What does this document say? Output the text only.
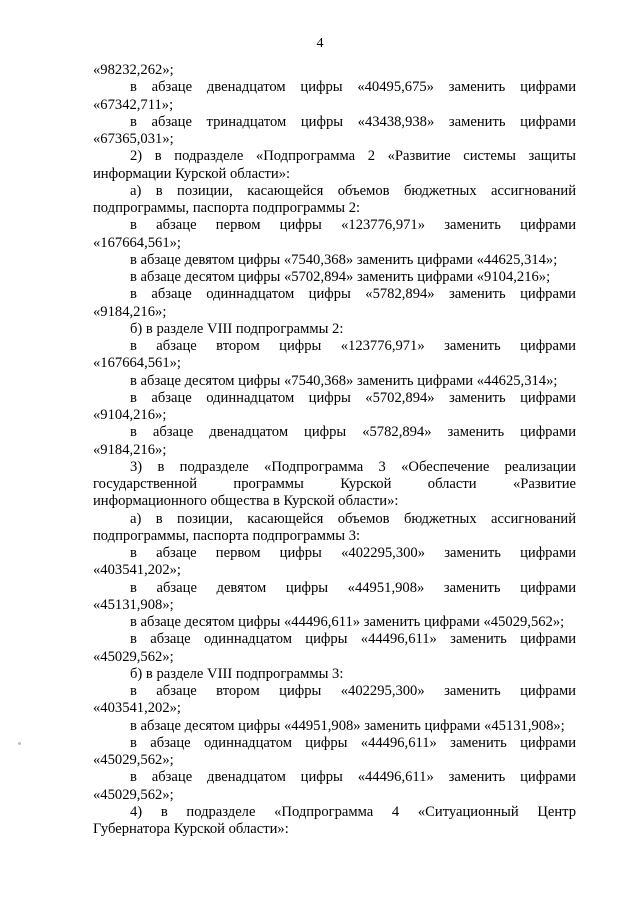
4
«98232,262»;
в абзаце двенадцатом цифры «40495,675» заменить цифрами
«67342,711»;
в абзаце тринадцатом цифры «43438,938» заменить цифрами
«67365,031»;
2) в подразделе «Подпрограмма 2 «Развитие системы защиты
информации Курской области»:
а) в позиции, касающейся объемов бюджетных ассигнований
подпрограммы, паспорта подпрограммы 2:
в абзаце первом цифры «123776,971» заменить цифрами
«167664,561»;
в абзаце девятом цифры «7540,368» заменить цифрами «44625,314»;
в абзаце десятом цифры «5702,894» заменить цифрами «9104,216»;
в абзаце одиннадцатом цифры «5782,894» заменить цифрами
«9184,216»;
б) в разделе VIII подпрограммы 2:
в абзаце втором цифры «123776,971» заменить цифрами
«167664,561»;
в абзаце десятом цифры «7540,368» заменить цифрами «44625,314»;
в абзаце одиннадцатом цифры «5702,894» заменить цифрами
«9104,216»;
в абзаце двенадцатом цифры «5782,894» заменить цифрами
«9184,216»;
3) в подразделе «Подпрограмма 3 «Обеспечение реализации
государственной программы Курской области «Развитие
информационного общества в Курской области»:
а) в позиции, касающейся объемов бюджетных ассигнований
подпрограммы, паспорта подпрограммы 3:
в абзаце первом цифры «402295,300» заменить цифрами
«403541,202»;
в абзаце девятом цифры «44951,908» заменить цифрами
«45131,908»;
в абзаце десятом цифры «44496,611» заменить цифрами «45029,562»;
в абзаце одиннадцатом цифры «44496,611» заменить цифрами
«45029,562»;
б) в разделе VIII подпрограммы 3:
в абзаце втором цифры «402295,300» заменить цифрами
«403541,202»;
в абзаце десятом цифры «44951,908» заменить цифрами «45131,908»;
в абзаце одиннадцатом цифры «44496,611» заменить цифрами
«45029,562»;
в абзаце двенадцатом цифры «44496,611» заменить цифрами
«45029,562»;
4) в подразделе «Подпрограмма 4 «Ситуационный Центр
Губернатора Курской области»:
